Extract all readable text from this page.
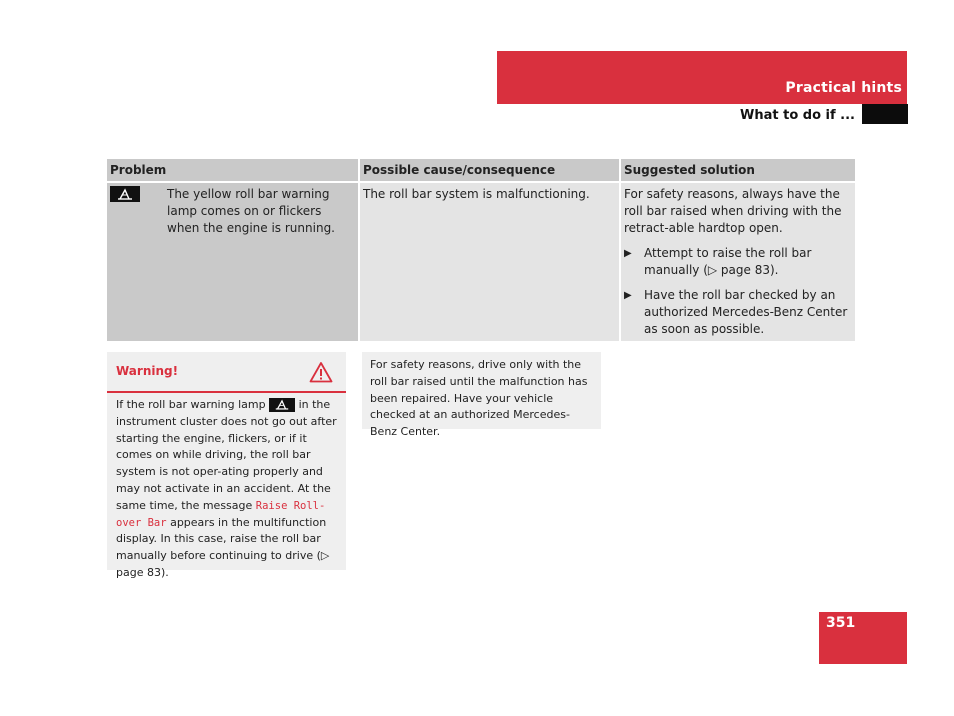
Practical hints
What to do if ...
Problem	Possible cause/consequence	Suggested solution

The yellow roll bar warning lamp comes on or flickers when the engine is running.	The roll bar system is malfunctioning.	For safety reasons, always have the roll bar raised when driving with the retract-able hardtop open.
▶ Attempt to raise the roll bar manually (▷ page 83).
▶ Have the roll bar checked by an authorized Mercedes-Benz Center as soon as possible.
Warning!
If the roll bar warning lamp	in the instrument cluster does not go out after starting the engine, flickers, or if it comes on while driving, the roll bar system is not oper-ating properly and may not activate in an accident. At the same time, the message Raise Roll-over Bar appears in the multifunction display. In this case, raise the roll bar manually before continuing to drive (▷ page 83).
For safety reasons, drive only with the roll bar raised until the malfunction has been repaired. Have your vehicle checked at an authorized Mercedes-Benz Center.
351
